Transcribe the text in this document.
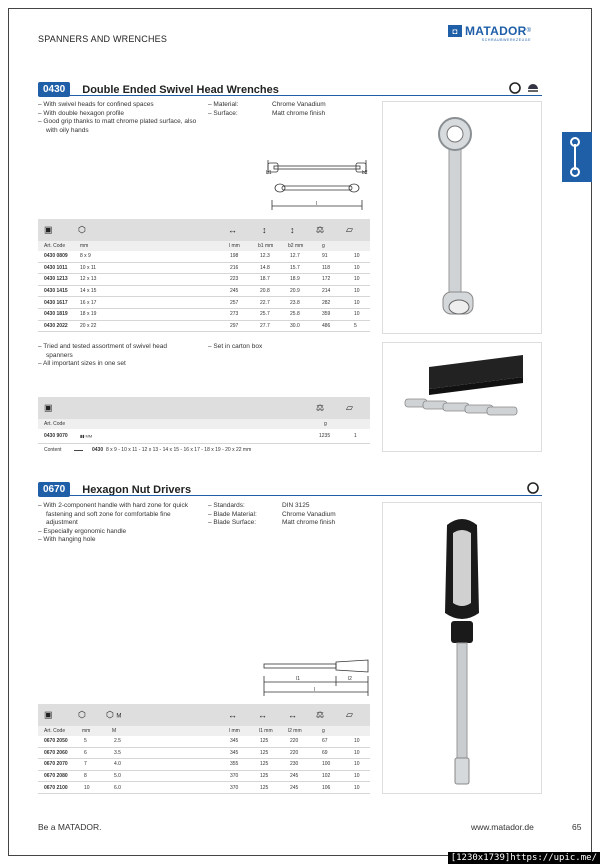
SPANNERS AND WRENCHES
◘ MATADOR ®
SCHRAUBWERKZEUGE
0430	Double Ended Swivel Head Wrenches
– With swivel heads for confined spaces
– With double hexagon profile
– Good grip thanks to matt chrome plated surface, also with oily hands
– Material:	Chrome Vanadium
– Surface:	Matt chrome finish
b1	b2
l
▣	⬡	↔	↕	↕ ⚖ ▱
Art. Code	mm	l mm	b1 mm	b2 mm	g
0430 0809 8 x 9	198	12.3	12.7	91	10
0430 1011	10 x 11	216	14.8	15.7	118	10
0430 1213 12 x 13	223	18.7	18.9	172	10
0430 1415 14 x 15	245	20.8	20.9	214	10
0430 1617 16 x 17	257	22.7	23.8	282	10
0430 1819 18 x 19	273	25.7	25.8	359	10
0430 2022 20 x 22	297	27.7	30.0	486	5
– Tried and tested assortment of swivel head spanners
– All important sizes in one set
– Set in carton box
▣	⚖ ▱
Art. Code	g
0430 9070	▮▮ MM	1235	1
Content	▬▬▬ 0430 8 x 9 - 10 x 11 - 12 x 13 - 14 x 15 - 16 x 17 - 18 x 19 - 20 x 22 mm
0670	Hexagon Nut Drivers
– With 2-component handle with hard zone for quick fastening and soft zone for comfortable fine adjustment
– Especially ergonomic handle
– With hanging hole
– Standards:	DIN 3125
– Blade Material:	Chrome Vanadium
– Blade Surface:	Matt chrome finish
l1	l2
l
▣	⬡ ⬡ M	↔ ↔ ↔ ⚖ ▱
Art. Code	mm	M	l mm	l1 mm	l2 mm	g
0670 2050	5	2.5	345	125	220	67	10
0670 2060	6	3.5	345	125	220	69	10
0670 2070	7	4.0	355	125	230	100	10
0670 2080	8	5.0	370	125	245	102	10
0670 2100	10	6.0	370	125	245	106	10
Be a MATADOR.	www.matador.de	65
[1230x1739]https://upic.me/
